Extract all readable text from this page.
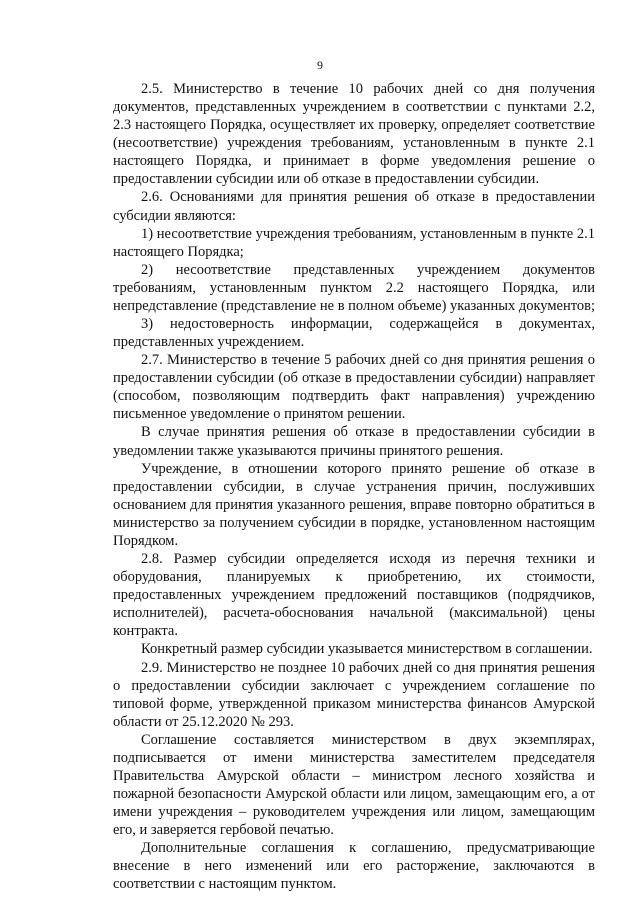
9

2.5. Министерство в течение 10 рабочих дней со дня получения документов, представленных учреждением в соответствии с пунктами 2.2, 2.3 настоящего Порядка, осуществляет их проверку, определяет соответствие (несоответствие) учреждения требованиям, установленным в пункте 2.1 настоящего Порядка, и принимает в форме уведомления решение о предоставлении субсидии или об отказе в предоставлении субсидии.

2.6. Основаниями для принятия решения об отказе в предоставлении субсидии являются:

1) несоответствие учреждения требованиям, установленным в пункте 2.1 настоящего Порядка;

2) несоответствие представленных учреждением документов требованиям, установленным пунктом 2.2 настоящего Порядка, или непредставление (представление не в полном объеме) указанных документов;

3) недостоверность информации, содержащейся в документах, представленных учреждением.

2.7. Министерство в течение 5 рабочих дней со дня принятия решения о предоставлении субсидии (об отказе в предоставлении субсидии) направляет (способом, позволяющим подтвердить факт направления) учреждению письменное уведомление о принятом решении.

В случае принятия решения об отказе в предоставлении субсидии в уведомлении также указываются причины принятого решения.

Учреждение, в отношении которого принято решение об отказе в предоставлении субсидии, в случае устранения причин, послуживших основанием для принятия указанного решения, вправе повторно обратиться в министерство за получением субсидии в порядке, установленном настоящим Порядком.

2.8. Размер субсидии определяется исходя из перечня техники и оборудования, планируемых к приобретению, их стоимости, предоставленных учреждением предложений поставщиков (подрядчиков, исполнителей), расчета-обоснования начальной (максимальной) цены контракта.

Конкретный размер субсидии указывается министерством в соглашении.

2.9. Министерство не позднее 10 рабочих дней со дня принятия решения о предоставлении субсидии заключает с учреждением соглашение по типовой форме, утвержденной приказом министерства финансов Амурской области от 25.12.2020 № 293.

Соглашение составляется министерством в двух экземплярах, подписывается от имени министерства заместителем председателя Правительства Амурской области – министром лесного хозяйства и пожарной безопасности Амурской области или лицом, замещающим его, а от имени учреждения – руководителем учреждения или лицом, замещающим его, и заверяется гербовой печатью.

Дополнительные соглашения к соглашению, предусматривающие внесение в него изменений или его расторжение, заключаются в соответствии с настоящим пунктом.
